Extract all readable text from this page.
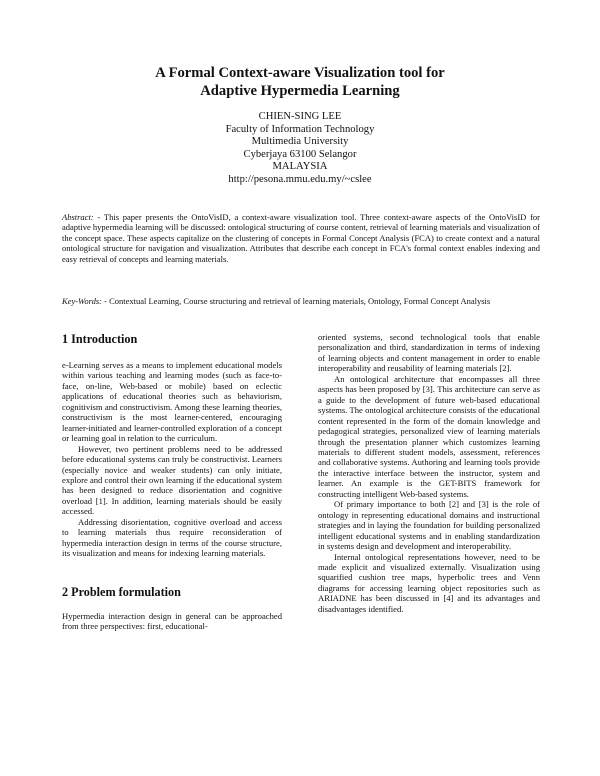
A Formal Context-aware Visualization tool for
Adaptive Hypermedia Learning
CHIEN-SING LEE
Faculty of Information Technology
Multimedia University
Cyberjaya 63100 Selangor
MALAYSIA
http://pesona.mmu.edu.my/~cslee
Abstract: - This paper presents the OntoVisID, a context-aware visualization tool. Three context-aware aspects of the OntoVisID for adaptive hypermedia learning will be discussed: ontological structuring of course content, retrieval of learning materials and visualization of the concept space. These aspects capitalize on the clustering of concepts in Formal Concept Analysis (FCA) to create context and a natural ontological structure for navigation and visualization. Attributes that describe each concept in FCA's formal context enables indexing and easy retrieval of concepts and learning materials.
Key-Words: - Contextual Learning, Course structuring and retrieval of learning materials, Ontology, Formal Concept Analysis
1 Introduction

e-Learning serves as a means to implement educational models within various teaching and learning modes (such as face-to-face, on-line, Web-based or mobile) based on eclectic applications of educational theories such as behaviorism, cognitivism and constructivism. Among these learning theories, constructivism is the most learner-centered, encouraging learner-initiated and learner-controlled exploration of a concept or learning goal in relation to the curriculum.

However, two pertinent problems need to be addressed before educational systems can truly be constructivist. Learners (especially novice and weaker students) can only initiate, explore and control their own learning if the educational system has been designed to reduce disorientation and cognitive overload [1]. In addition, learning materials should be easily accessed.

Addressing disorientation, cognitive overload and access to learning materials thus require reconsideration of hypermedia interaction design in terms of the course structure, its visualization and means for indexing learning materials.

2 Problem formulation

Hypermedia interaction design in general can be approached from three perspectives: first, educational-

oriented systems, second technological tools that enable personalization and third, standardization in terms of indexing of learning objects and content management in order to enable interoperability and reusability of learning materials [2].

An ontological architecture that encompasses all three aspects has been proposed by [3]. This architecture can serve as a guide to the development of future web-based educational systems. The ontological architecture consists of the educational content represented in the form of the domain knowledge and pedagogical strategies, personalized view of learning materials through the presentation planner which customizes learning materials to different student models, assessment, references and collaborative systems. Authoring and learning tools provide the interactive interface between the instructor, system and learner. An example is the GET-BITS framework for constructing intelligent Web-based systems.

Of primary importance to both [2] and [3] is the role of ontology in representing educational domains and instructional strategies and in laying the foundation for building personalized intelligent educational systems and in enabling standardization in systems design and development and interoperability.

Internal ontological representations however, need to be made explicit and visualized externally. Visualization using squarified cushion tree maps, hyperbolic trees and Venn diagrams for accessing learning object repositories such as ARIADNE has been discussed in [4] and its advantages and disadvantages identified.
